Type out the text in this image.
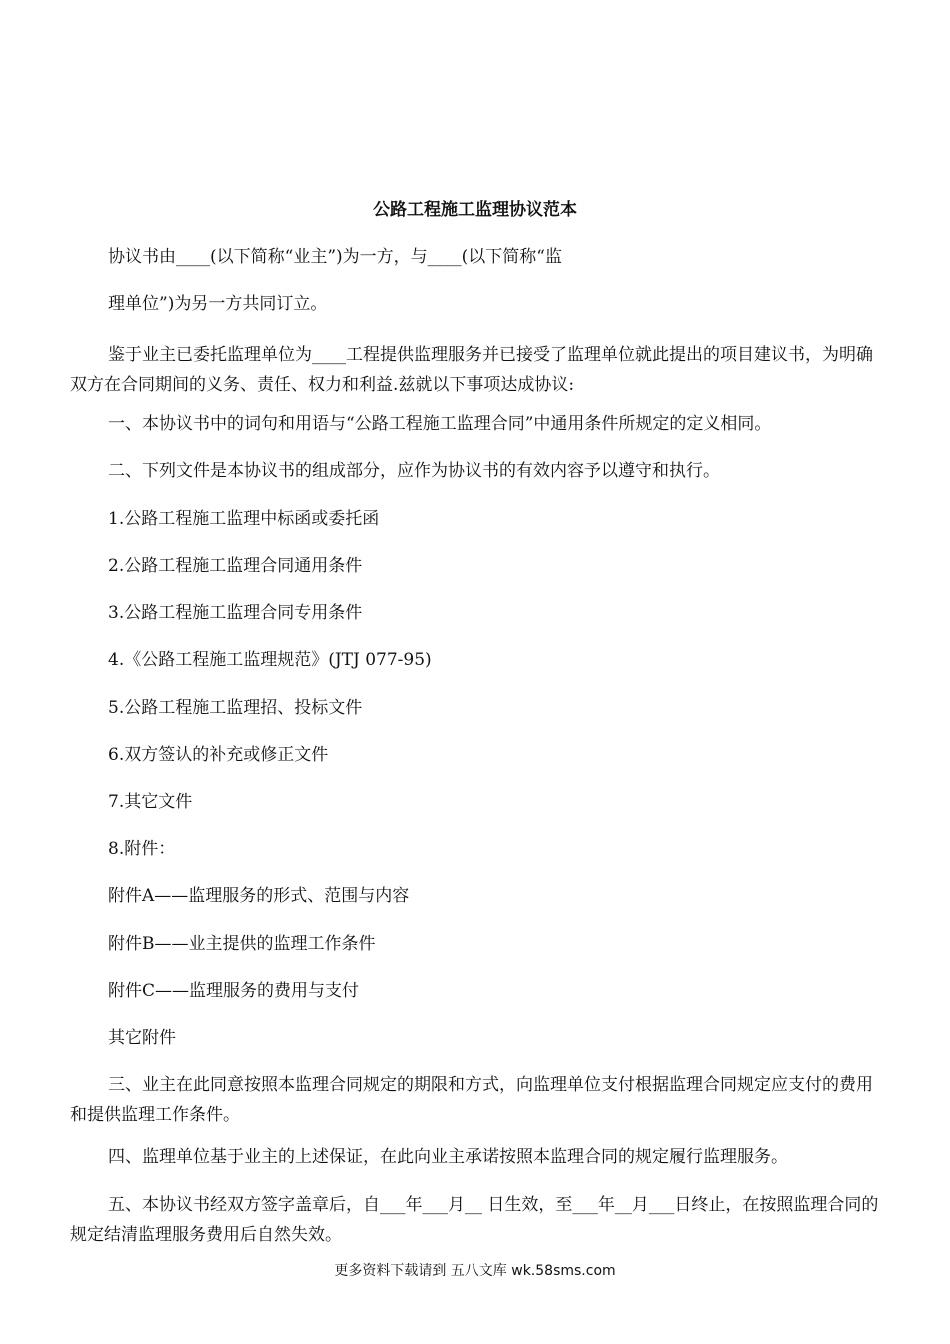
公路工程施工监理协议范本
协议书由____(以下简称“业主”)为一方，与____(以下简称“监
理单位”)为另一方共同订立。
鉴于业主已委托监理单位为____工程提供监理服务并已接受了监理单位就此提出的项目建议书，为明确双方在合同期间的义务、责任、权力和利益.兹就以下事项达成协议:
一、本协议书中的词句和用语与“公路工程施工监理合同”中通用条件所规定的定义相同。
二、下列文件是本协议书的组成部分，应作为协议书的有效内容予以遵守和执行。
1.公路工程施工监理中标函或委托函
2.公路工程施工监理合同通用条件
3.公路工程施工监理合同专用条件
4.《公路工程施工监理规范》(JTJ 077-95)
5.公路工程施工监理招、投标文件
6.双方签认的补充或修正文件
7.其它文件
8.附件：
附件A——监理服务的形式、范围与内容
附件B——业主提供的监理工作条件
附件C——监理服务的费用与支付
其它附件
三、业主在此同意按照本监理合同规定的期限和方式，向监理单位支付根据监理合同规定应支付的费用和提供监理工作条件。
四、监理单位基于业主的上述保证，在此向业主承诺按照本监理合同的规定履行监理服务。
五、本协议书经双方签字盖章后，自___年___月__ 日生效，至___年__月___日终止，在按照监理合同的规定结清监理服务费用后自然失效。
更多资料下载请到 五八文库 wk.58sms.com
